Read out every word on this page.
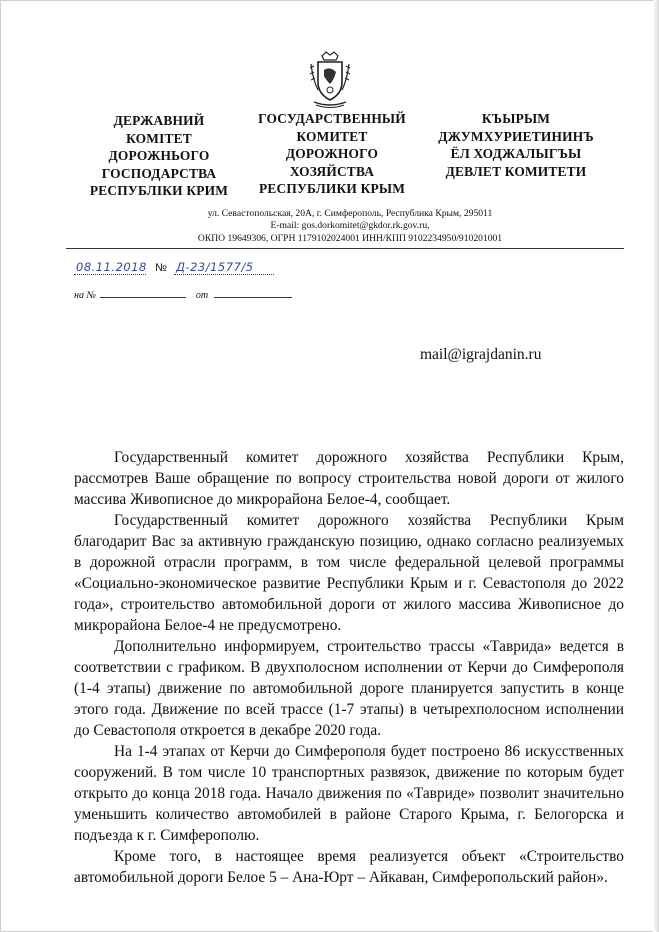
ДЕРЖАВНИЙ
КОМІТЕТ
ДОРОЖНЬОГО
ГОСПОДАРСТВА
РЕСПУБЛІКИ КРИМ
ГОСУДАРСТВЕННЫЙ
КОМИТЕТ
ДОРОЖНОГО
ХОЗЯЙСТВА
РЕСПУБЛИКИ КРЫМ
КЪЫРЫМ
ДЖУМХУРИЕТИНИНЪ
ЁЛ ХОДЖАЛЫГЪЫ
ДЕВЛЕТ КОМИТЕТИ
ул. Севастопольская, 20А, г. Симферополь, Республика Крым, 295011
E-mail: gos.dorkomitet@gkdor.rk.gov.ru,
ОКПО 19649306, ОГРН 1179102024001 ИНН/КПП 9102234950/910201001
08.11.2018 № Д-23/1577/5
на №	от
mail@igrajdanin.ru

Государственный комитет дорожного хозяйства Республики Крым, рассмотрев Ваше обращение по вопросу строительства новой дороги от жилого массива Живописное до микрорайона Белое-4, сообщает.

Государственный комитет дорожного хозяйства Республики Крым благодарит Вас за активную гражданскую позицию, однако согласно реализуемых в дорожной отрасли программ, в том числе федеральной целевой программы «Социально-экономическое развитие Республики Крым и г. Севастополя до 2022 года», строительство автомобильной дороги от жилого массива Живописное до микрорайона Белое-4 не предусмотрено.

Дополнительно информируем, строительство трассы «Таврида» ведется в соответствии с графиком. В двухполосном исполнении от Керчи до Симферополя (1-4 этапы) движение по автомобильной дороге планируется запустить в конце этого года. Движение по всей трассе (1-7 этапы) в четырехполосном исполнении до Севастополя откроется в декабре 2020 года.

На 1-4 этапах от Керчи до Симферополя будет построено 86 искусственных сооружений. В том числе 10 транспортных развязок, движение по которым будет открыто до конца 2018 года. Начало движения по «Тавриде» позволит значительно уменьшить количество автомобилей в районе Старого Крыма, г. Белогорска и подъезда к г. Симферополю.

Кроме того, в настоящее время реализуется объект «Строительство автомобильной дороги Белое 5 – Ана-Юрт – Айкаван, Симферопольский район».
